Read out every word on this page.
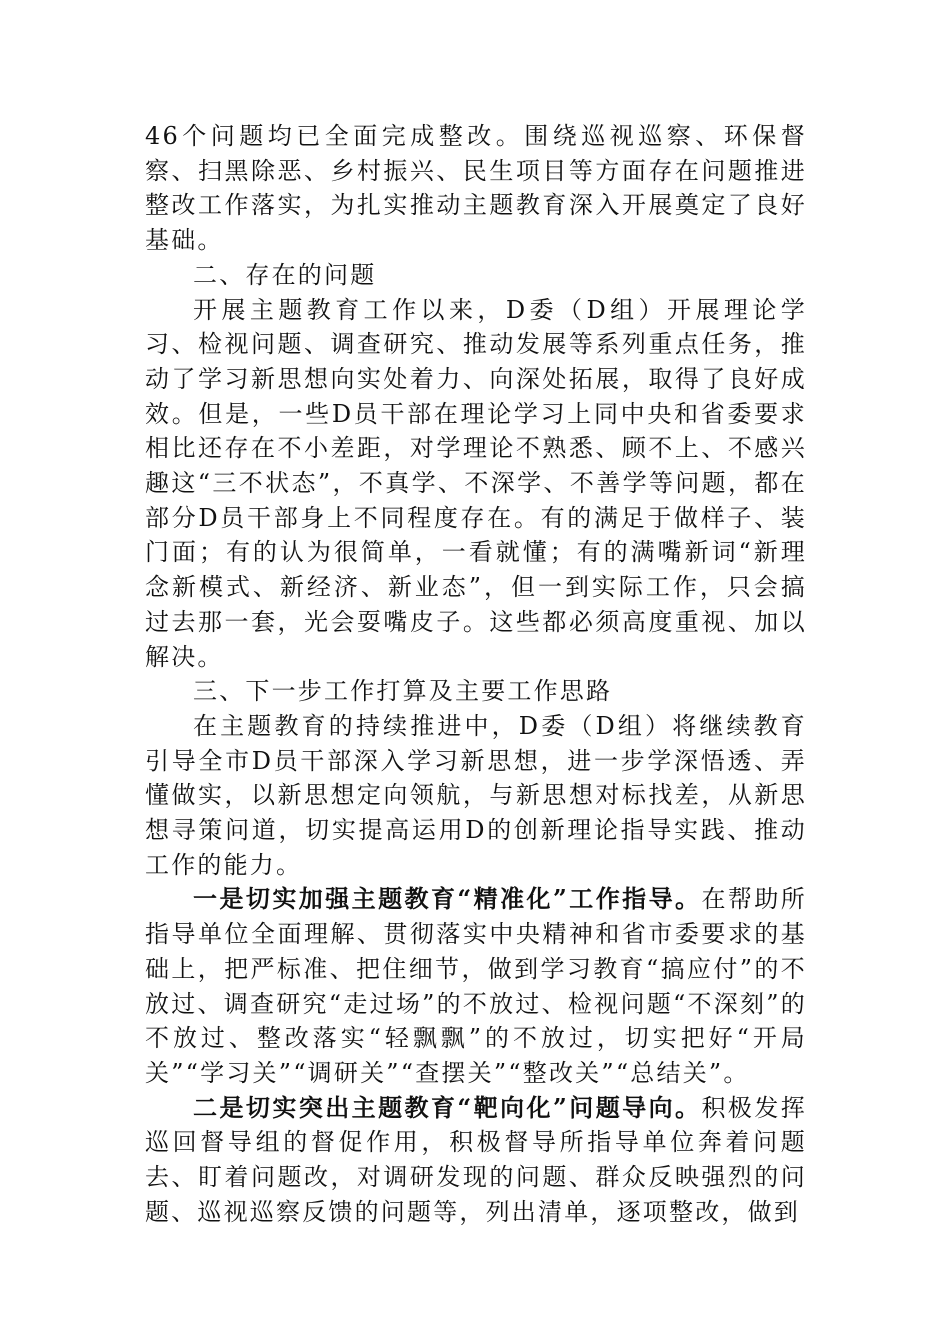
46个问题均已全面完成整改。围绕巡视巡察、环保督察、扫黑除恶、乡村振兴、民生项目等方面存在问题推进整改工作落实，为扎实推动主题教育深入开展奠定了良好基础。

二、存在的问题

开展主题教育工作以来，D委（D组）开展理论学习、检视问题、调查研究、推动发展等系列重点任务，推动了学习新思想向实处着力、向深处拓展，取得了良好成效。但是，一些D员干部在理论学习上同中央和省委要求相比还存在不小差距，对学理论不熟悉、顾不上、不感兴趣这“三不状态”，不真学、不深学、不善学等问题，都在部分D员干部身上不同程度存在。有的满足于做样子、装门面；有的认为很简单，一看就懂；有的满嘴新词“新理念新模式、新经济、新业态”，但一到实际工作，只会搞过去那一套，光会耍嘴皮子。这些都必须高度重视、加以解决。

三、下一步工作打算及主要工作思路

在主题教育的持续推进中，D委（D组）将继续教育引导全市D员干部深入学习新思想，进一步学深悟透、弄懂做实，以新思想定向领航，与新思想对标找差，从新思想寻策问道，切实提高运用D的创新理论指导实践、推动工作的能力。

一是切实加强主题教育“精准化”工作指导。在帮助所指导单位全面理解、贯彻落实中央精神和省市委要求的基础上，把严标准、把住细节，做到学习教育“搞应付”的不放过、调查研究“走过场”的不放过、检视问题“不深刻”的不放过、整改落实“轻飘飘”的不放过，切实把好“开局关”“学习关”“调研关”“查摆关”“整改关”“总结关”。

二是切实突出主题教育“靶向化”问题导向。积极发挥巡回督导组的督促作用，积极督导所指导单位奔着问题去、盯着问题改，对调研发现的问题、群众反映强烈的问题、巡视巡察反馈的问题等，列出清单，逐项整改，做到
